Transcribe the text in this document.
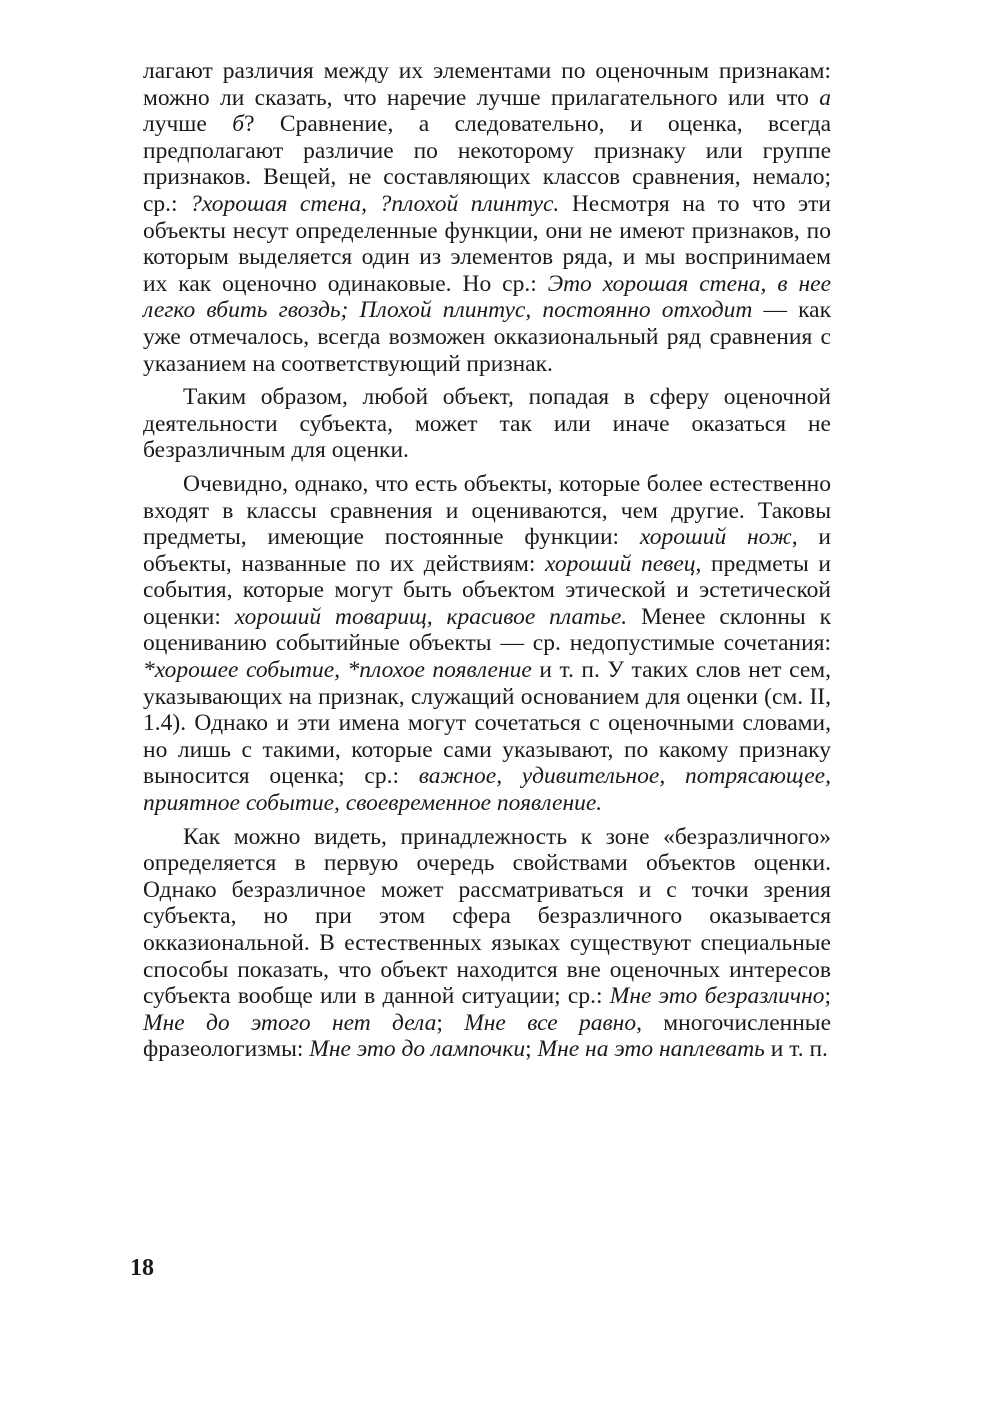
лагают различия между их элементами по оценочным признакам: можно ли сказать, что наречие лучше прилагательного или что а лучше б? Сравнение, а следовательно, и оценка, всегда предполагают различие по некоторому признаку или группе признаков. Вещей, не составляющих классов сравнения, немало; ср.: ?хорошая стена, ?плохой плинтус. Несмотря на то что эти объекты несут определенные функции, они не имеют признаков, по которым выделяется один из элементов ряда, и мы воспринимаем их как оценочно одинаковые. Но ср.: Это хорошая стена, в нее легко вбить гвоздь; Плохой плинтус, постоянно отходит — как уже отмечалось, всегда возможен окказиональный ряд сравнения с указанием на соответствующий признак.

Таким образом, любой объект, попадая в сферу оценочной деятельности субъекта, может так или иначе оказаться не безразличным для оценки.

Очевидно, однако, что есть объекты, которые более естественно входят в классы сравнения и оцениваются, чем другие. Таковы предметы, имеющие постоянные функции: хороший нож, и объекты, названные по их действиям: хороший певец, предметы и события, которые могут быть объектом этической и эстетической оценки: хороший товарищ, красивое платье. Менее склонны к оцениванию событийные объекты — ср. недопустимые сочетания: *хорошее событие, *плохое появление и т. п. У таких слов нет сем, указывающих на признак, служащий основанием для оценки (см. II, 1.4). Однако и эти имена могут сочетаться с оценочными словами, но лишь с такими, которые сами указывают, по какому признаку выносится оценка; ср.: важное, удивительное, потрясающее, приятное событие, своевременное появление.

Как можно видеть, принадлежность к зоне «безразличного» определяется в первую очередь свойствами объектов оценки. Однако безразличное может рассматриваться и с точки зрения субъекта, но при этом сфера безразличного оказывается окказиональной. В естественных языках существуют специальные способы показать, что объект находится вне оценочных интересов субъекта вообще или в данной ситуации; ср.: Мне это безразлично; Мне до этого нет дела; Мне все равно, многочисленные фразеологизмы: Мне это до лампочки; Мне на это наплевать и т. п.

18
